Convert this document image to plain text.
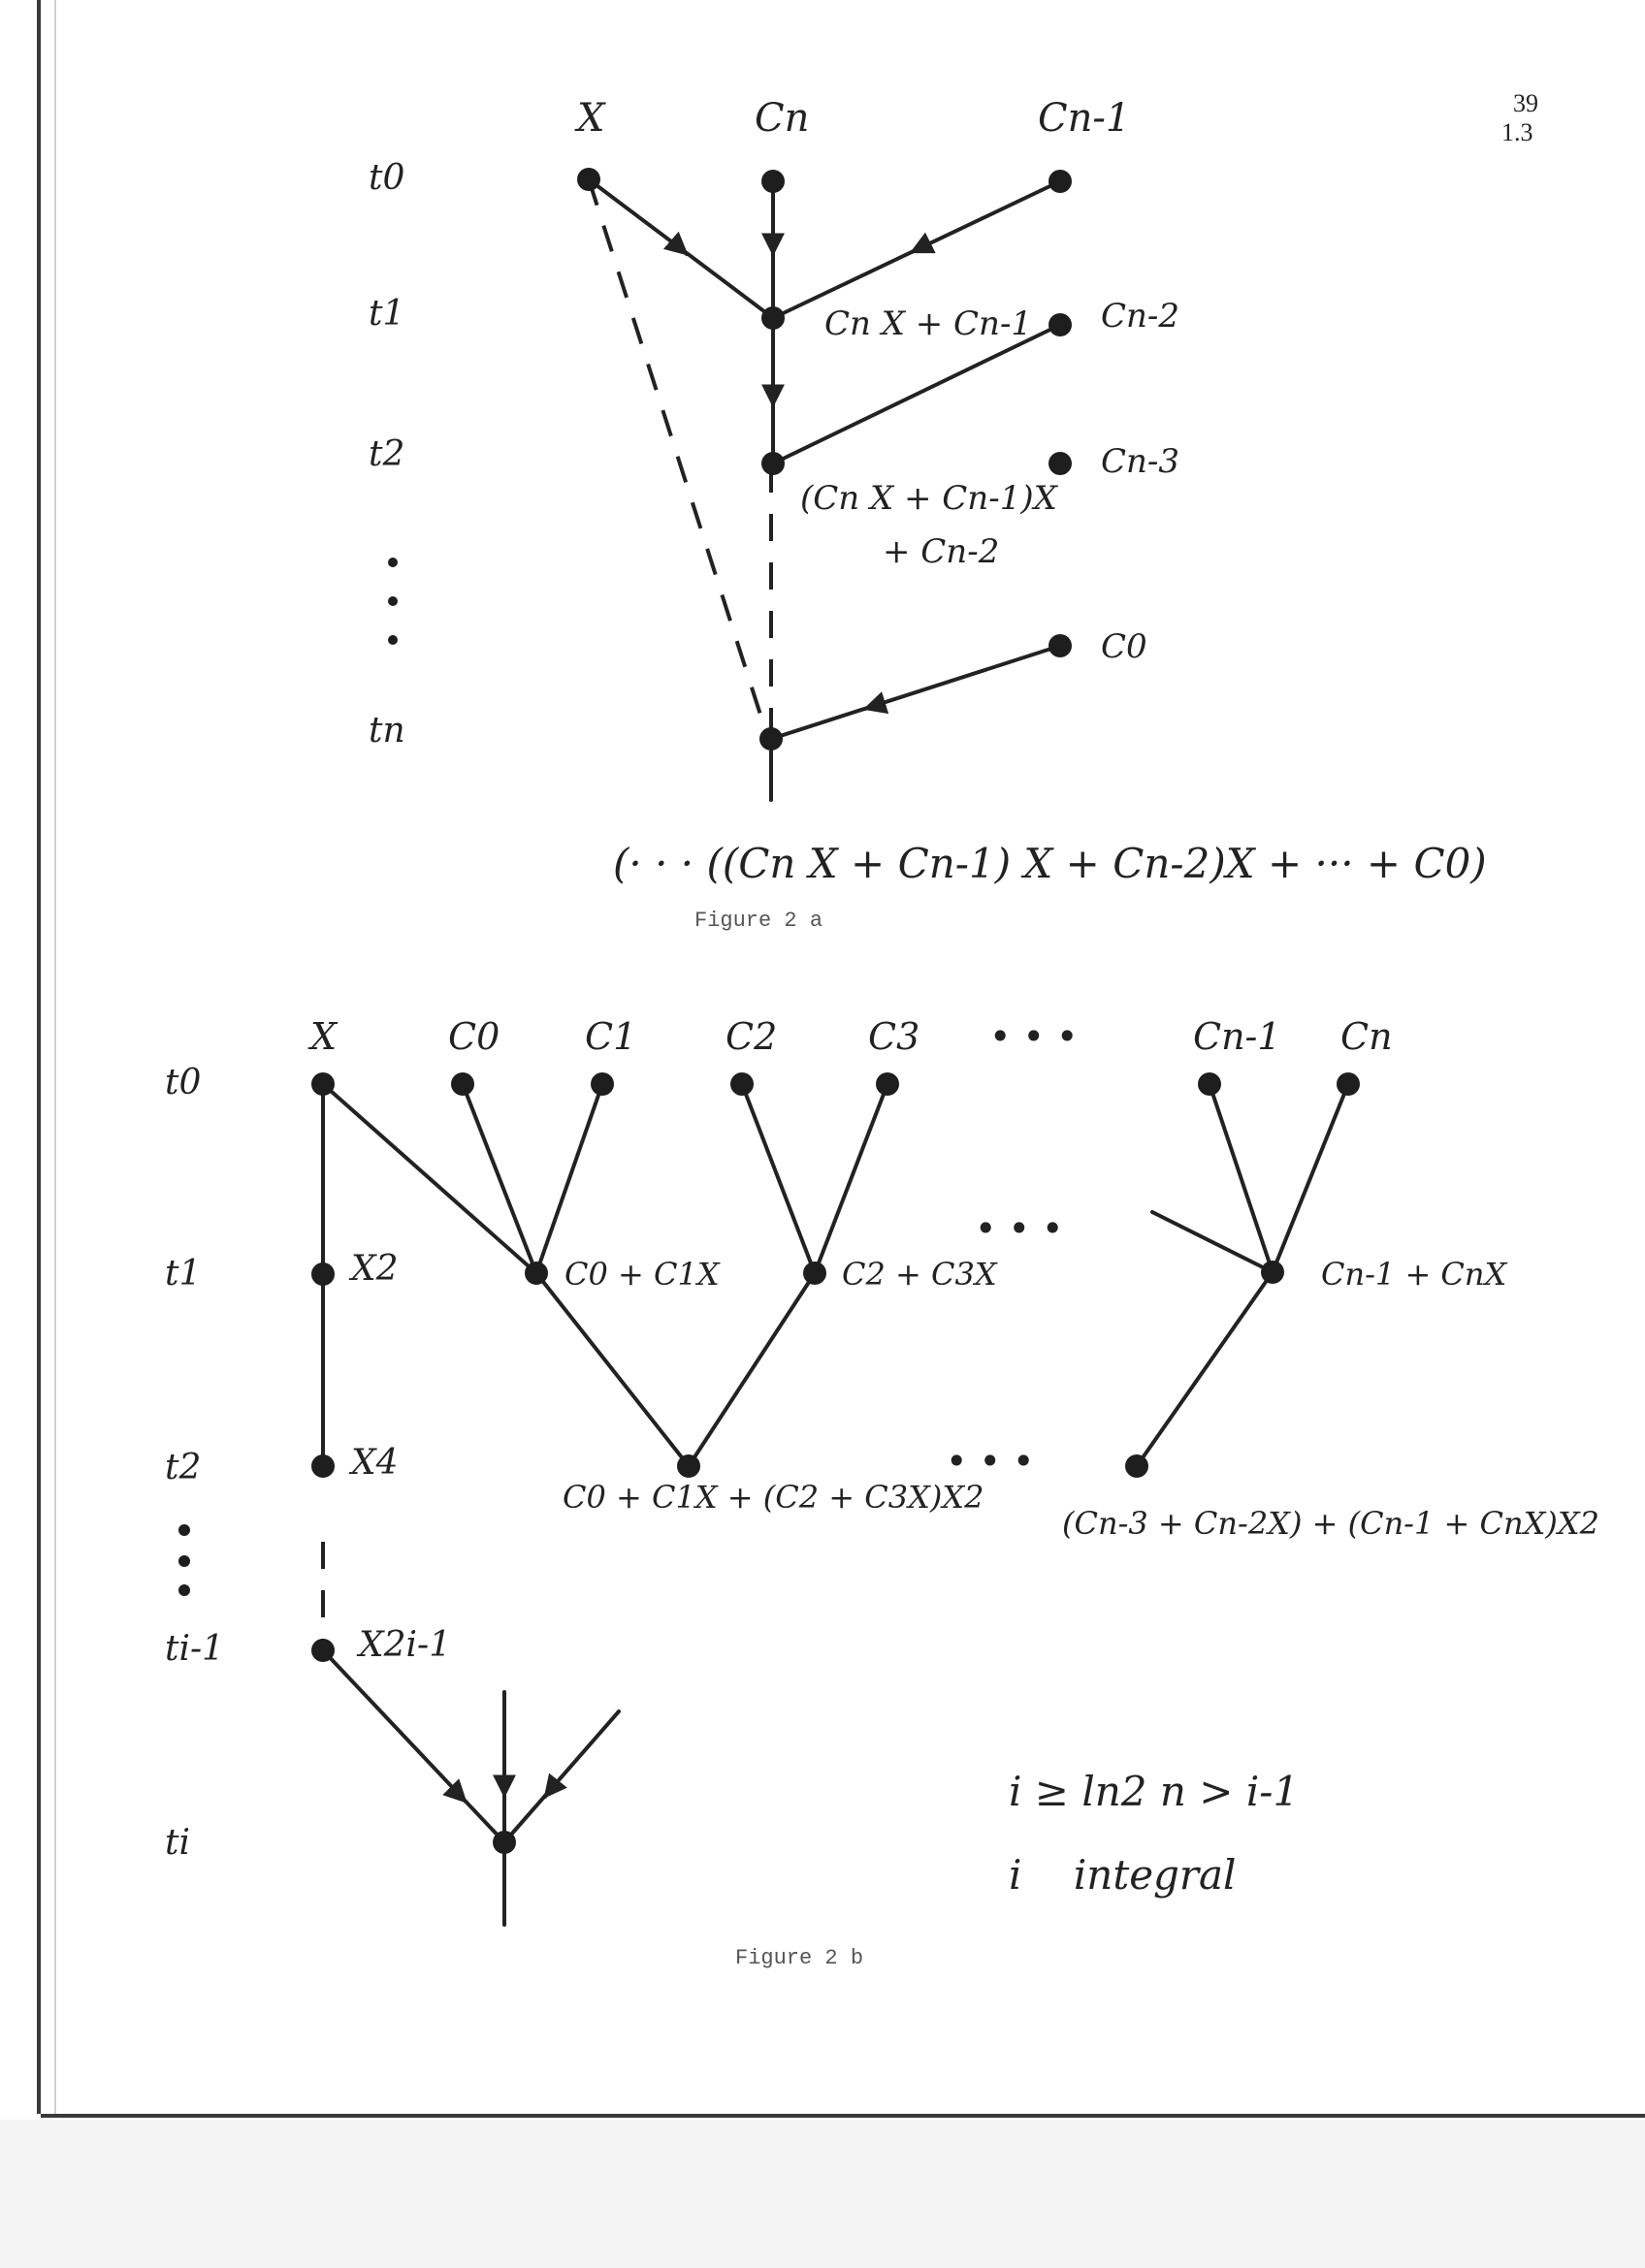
39
1.3
t0
t1
t2
tn
X	Cn	Cn-1
Cn-2
Cn-3
C0
Cn X + Cn-1
(Cn X + Cn-1)X
+ Cn-2
(· · · ((Cn X + Cn-1) X + Cn-2)X + ··· + C0)
Figure 2 a
t0
t1
t2
ti-1
ti
X	C0 C1 C2 C3 • • •	Cn-1 Cn
• • •
• • •
X2
X4
X2i-1
C0 + C1X	C2 + C3X	Cn-1 + CnX
C0 + C1X + (C2 + C3X)X2
(Cn-3 + Cn-2X) + (Cn-1 + CnX)X2
i ≥ ln2 n > i-1
i    integral
Figure 2 b
